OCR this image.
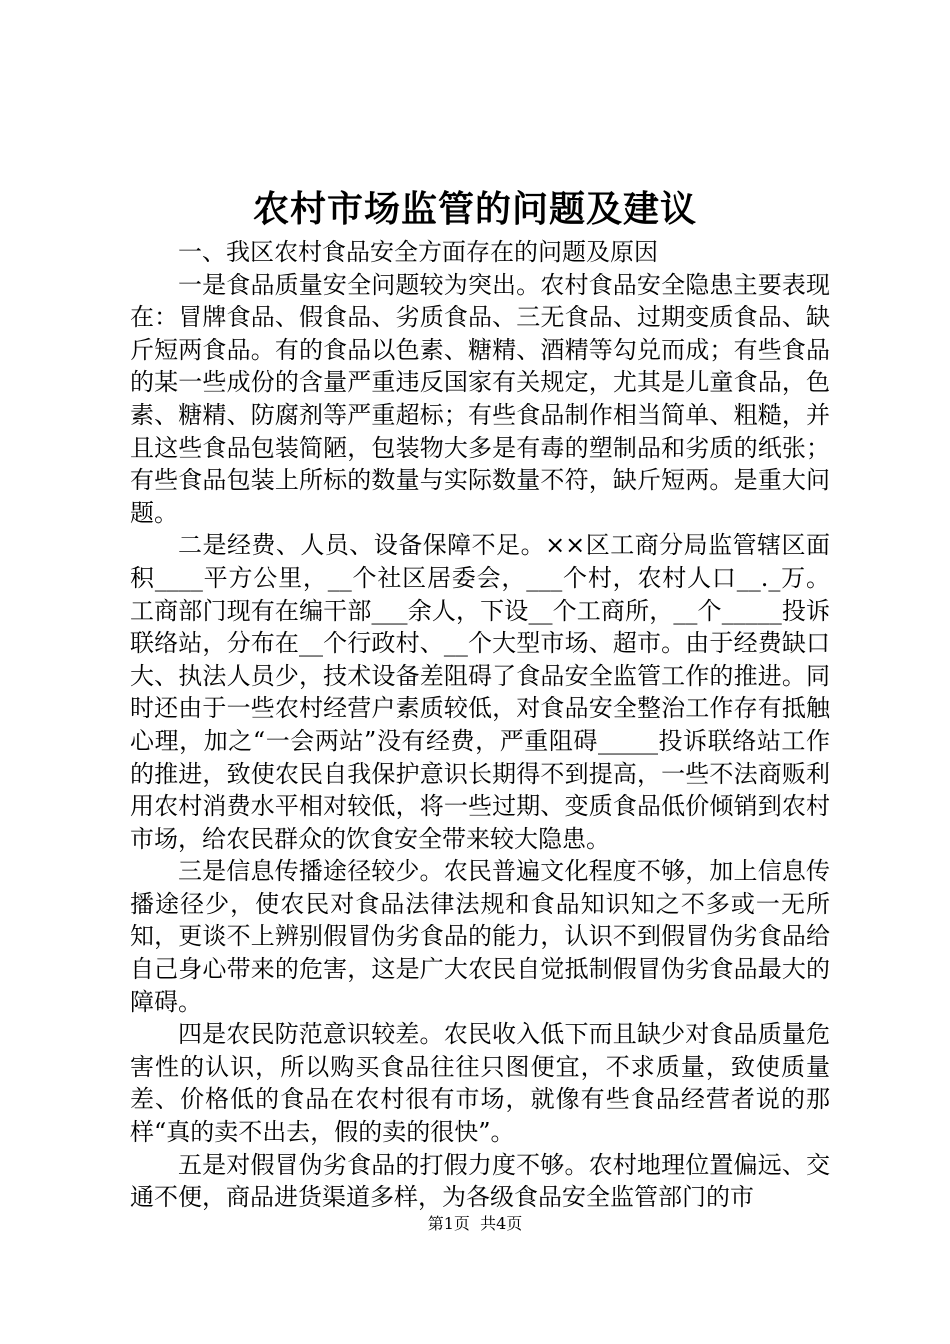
农村市场监管的问题及建议

一、我区农村食品安全方面存在的问题及原因

一是食品质量安全问题较为突出。农村食品安全隐患主要表现在：冒牌食品、假食品、劣质食品、三无食品、过期变质食品、缺斤短两食品。有的食品以色素、糖精、酒精等勾兑而成；有些食品的某一些成份的含量严重违反国家有关规定，尤其是儿童食品，色素、糖精、防腐剂等严重超标；有些食品制作相当简单、粗糙，并且这些食品包装简陋，包装物大多是有毒的塑制品和劣质的纸张；有些食品包装上所标的数量与实际数量不符，缺斤短两。是重大问题。

二是经费、人员、设备保障不足。××区工商分局监管辖区面积____平方公里，__个社区居委会，___个村，农村人口__._万。工商部门现有在编干部___余人，下设__个工商所，__个_____投诉联络站，分布在__个行政村、__个大型市场、超市。由于经费缺口大、执法人员少，技术设备差阻碍了食品安全监管工作的推进。同时还由于一些农村经营户素质较低，对食品安全整治工作存有抵触心理，加之“一会两站”没有经费，严重阻碍_____投诉联络站工作的推进，致使农民自我保护意识长期得不到提高，一些不法商贩利用农村消费水平相对较低，将一些过期、变质食品低价倾销到农村市场，给农民群众的饮食安全带来较大隐患。

三是信息传播途径较少。农民普遍文化程度不够，加上信息传播途径少，使农民对食品法律法规和食品知识知之不多或一无所知，更谈不上辨别假冒伪劣食品的能力，认识不到假冒伪劣食品给自己身心带来的危害，这是广大农民自觉抵制假冒伪劣食品最大的障碍。

四是农民防范意识较差。农民收入低下而且缺少对食品质量危害性的认识，所以购买食品往往只图便宜，不求质量，致使质量差、价格低的食品在农村很有市场，就像有些食品经营者说的那样“真的卖不出去，假的卖的很快”。

五是对假冒伪劣食品的打假力度不够。农村地理位置偏远、交通不便，商品进货渠道多样，为各级食品安全监管部门的市

第1页 共4页
